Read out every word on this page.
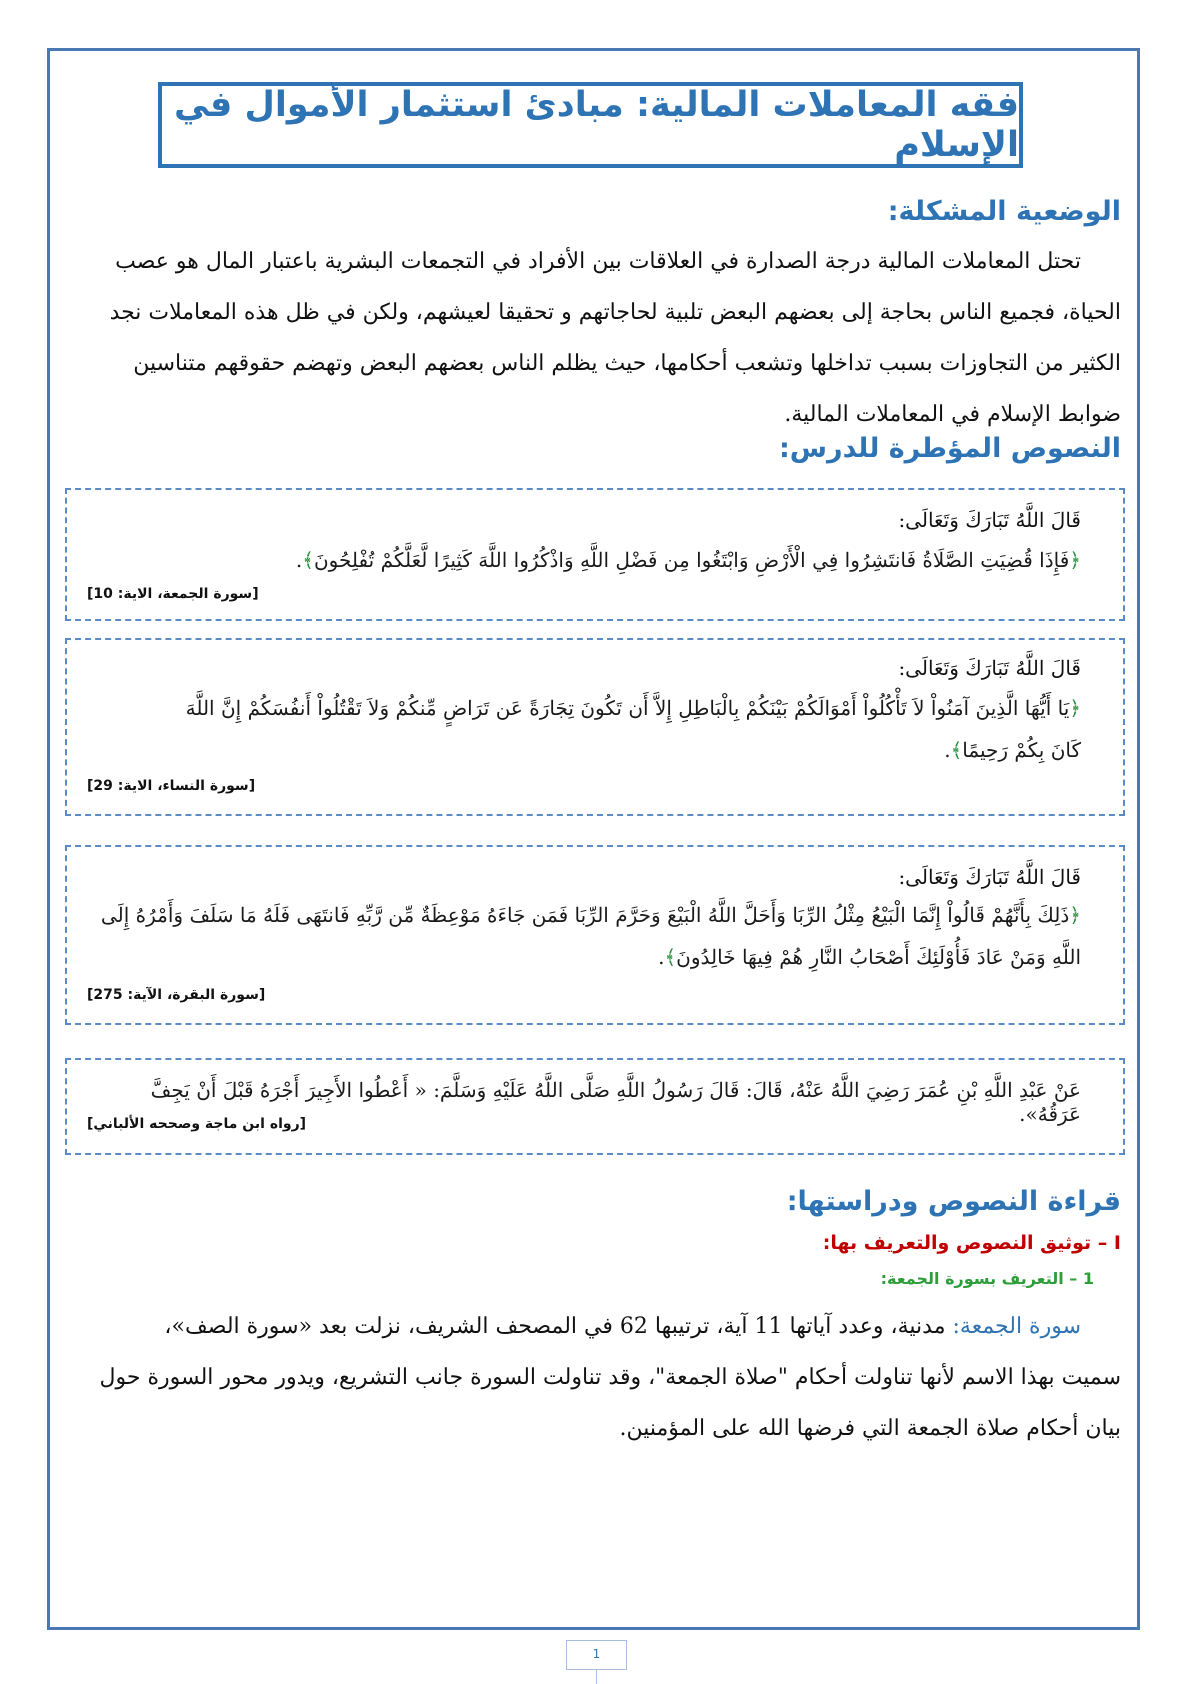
فقه المعاملات المالية: مبادئ استثمار الأموال في الإسلام
الوضعية المشكلة:

تحتل المعاملات المالية درجة الصدارة في العلاقات بين الأفراد في التجمعات البشرية باعتبار المال هو عصب

الحياة، فجميع الناس بحاجة إلى بعضهم البعض تلبية لحاجاتهم و تحقيقا لعيشهم، ولكن في ظل هذه المعاملات نجد

الكثير من التجاوزات بسبب تداخلها وتشعب أحكامها، حيث يظلم الناس بعضهم البعض وتهضم حقوقهم متناسين

ضوابط الإسلام في المعاملات المالية.

النصوص المؤطرة للدرس:
قَالَ اللَّهُ تَبَارَكَ وَتَعَالَى:
﴿فإذا قضيت الصلة فانتشروا في الرض وابتغوا من فضل الله واذكروا الله كثيرا لعلكم تفلحون﴾.
[سورة الجمعة، الاية: 10]
قَالَ اللَّهُ تَبَارَكَ وَتَعَالَى:
﴿يا أيها الذين آمنوا ل تأكلوا أموالكم بينكم بالباطل إل أن تكون تجارة عن تراض منكم ول تقتلوا أنفسكم إن الله
كان بكم رحيما﴾.
[سورة النساء، الاية: 29]
قَالَ اللَّهُ تَبَارَكَ وَتَعَالَى:
﴿ذلك بأنهم قالوا إنما البيع مثل الربا وأحل الله البيع وحرم الربا فمن جاءه موعظة من ربه فانتهى فله ما سلف وأمره إلى
الله ومن عاد فأولئك أصحاب النار هم فيها خالدون﴾.
[سورة البقرة، الآية: 275]
عَنْ عَبْدِ اللَّهِ بْنِ عُمَرَ رَضِيَ اللَّهُ عَنْهُ، قَالَ: قَالَ رَسُولُ اللَّهِ صَلَّى اللَّهُ عَلَيْهِ وَسَلَّمَ: « أَعْطُوا الأَجِيرَ أَجْرَهُ قَبْلَ أَنْ يَجِفَّ عَرَقُهُ».
[رواه ابن ماجة وصححه الألباني]
قراءة النصوص ودراستها:
I – توثيق النصوص والتعريف بها:
1 – التعريف بسورة الجمعة:

سورة الجمعة: مدنية، وعدد آياتها 11 آية، ترتيبها 62 في المصحف الشريف، نزلت بعد «سورة الصف»،

سميت بهذا الاسم لأنها تناولت أحكام "صلاة الجمعة"، وقد تناولت السورة جانب التشريع، ويدور محور السورة حول

بيان أحكام صلاة الجمعة التي فرضها الله على المؤمنين.

1
